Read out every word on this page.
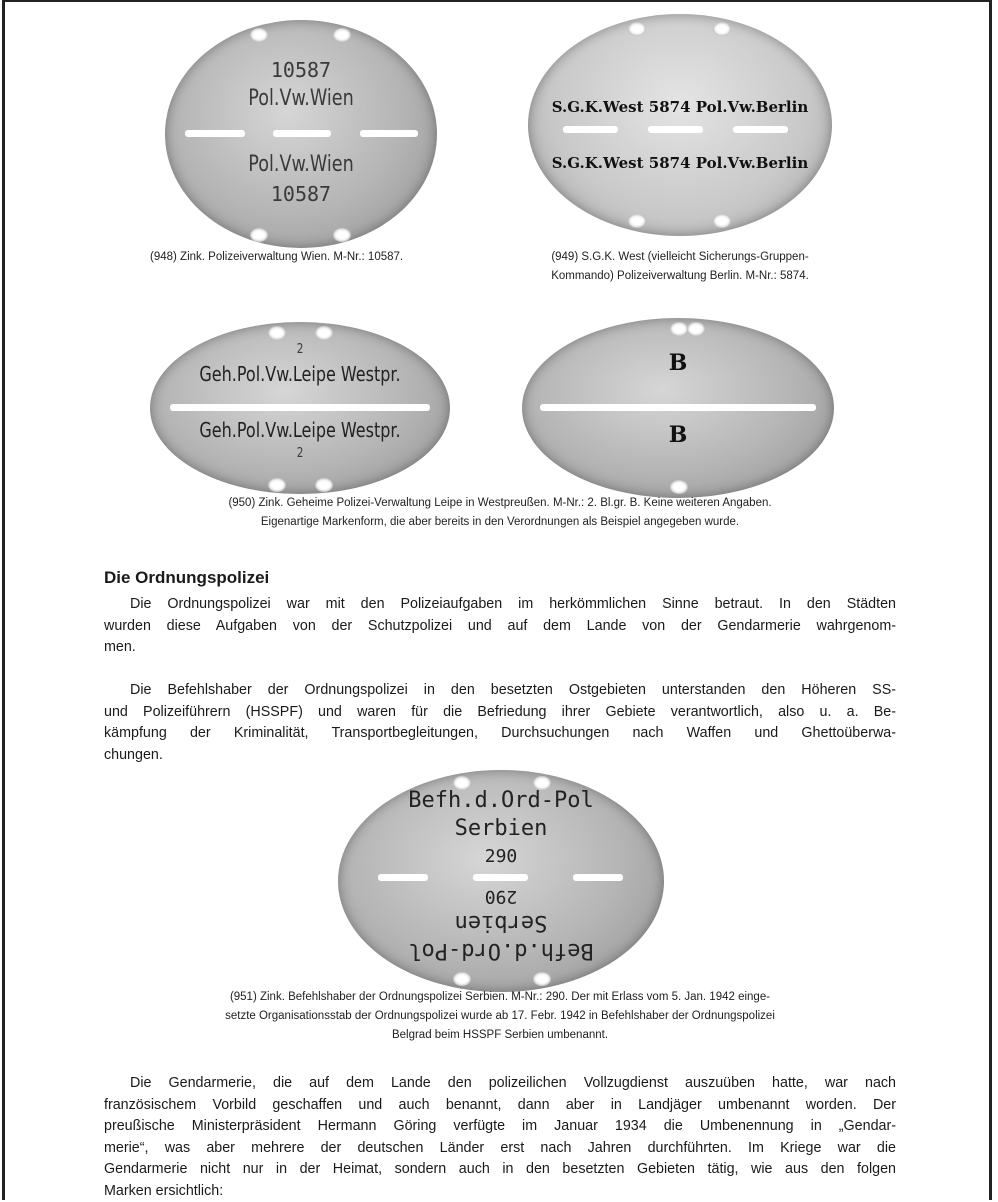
10587
Pol.Vw.Wien
Pol.Vw.Wien
10587
(948) Zink. Polizeiverwaltung Wien. M-Nr.: 10587.
S.G.K.West 5874 Pol.Vw.Berlin
S.G.K.West 5874 Pol.Vw.Berlin
(949) S.G.K. West (vielleicht Sicherungs-Gruppen-
Kommando) Polizeiverwaltung Berlin. M-Nr.: 5874.
2
Geh.Pol.Vw.Leipe Westpr.
Geh.Pol.Vw.Leipe Westpr.
2
B
B
(950) Zink. Geheime Polizei-Verwaltung Leipe in Westpreußen. M-Nr.: 2. Bl.gr. B. Keine weiteren Angaben.
Eigenartige Markenform, die aber bereits in den Verordnungen als Beispiel angegeben wurde.
Die Ordnungspolizei
Die Ordnungspolizei war mit den Polizeiaufgaben im herkömmlichen Sinne betraut. In den Städten
wurden diese Aufgaben von der Schutzpolizei und auf dem Lande von der Gendarmerie wahrgenom-
men.
Die Befehlshaber der Ordnungspolizei in den besetzten Ostgebieten unterstanden den Höheren SS-
und Polizeiführern (HSSPF) und waren für die Befriedung ihrer Gebiete verantwortlich, also u. a. Be-
kämpfung der Kriminalität, Transportbegleitungen, Durchsuchungen nach Waffen und Ghettoüberwa-
chungen.
Befh.d.Ord-Pol
Serbien
290
290
Serbien
Befh.d.Ord-Pol
(951) Zink. Befehlshaber der Ordnungspolizei Serbien. M-Nr.: 290. Der mit Erlass vom 5. Jan. 1942 einge-
setzte Organisationsstab der Ordnungspolizei wurde ab 17. Febr. 1942 in Befehlshaber der Ordnungspolizei
Belgrad beim HSSPF Serbien umbenannt.
Die Gendarmerie, die auf dem Lande den polizeilichen Vollzugdienst auszuüben hatte, war nach
französischem Vorbild geschaffen und auch benannt, dann aber in Landjäger umbenannt worden. Der
preußische Ministerpräsident Hermann Göring verfügte im Januar 1934 die Umbenennung in „Gendar-
merie“, was aber mehrere der deutschen Länder erst nach Jahren durchführten. Im Kriege war die
Gendarmerie nicht nur in der Heimat, sondern auch in den besetzten Gebieten tätig, wie aus den folgen
Marken ersichtlich:
